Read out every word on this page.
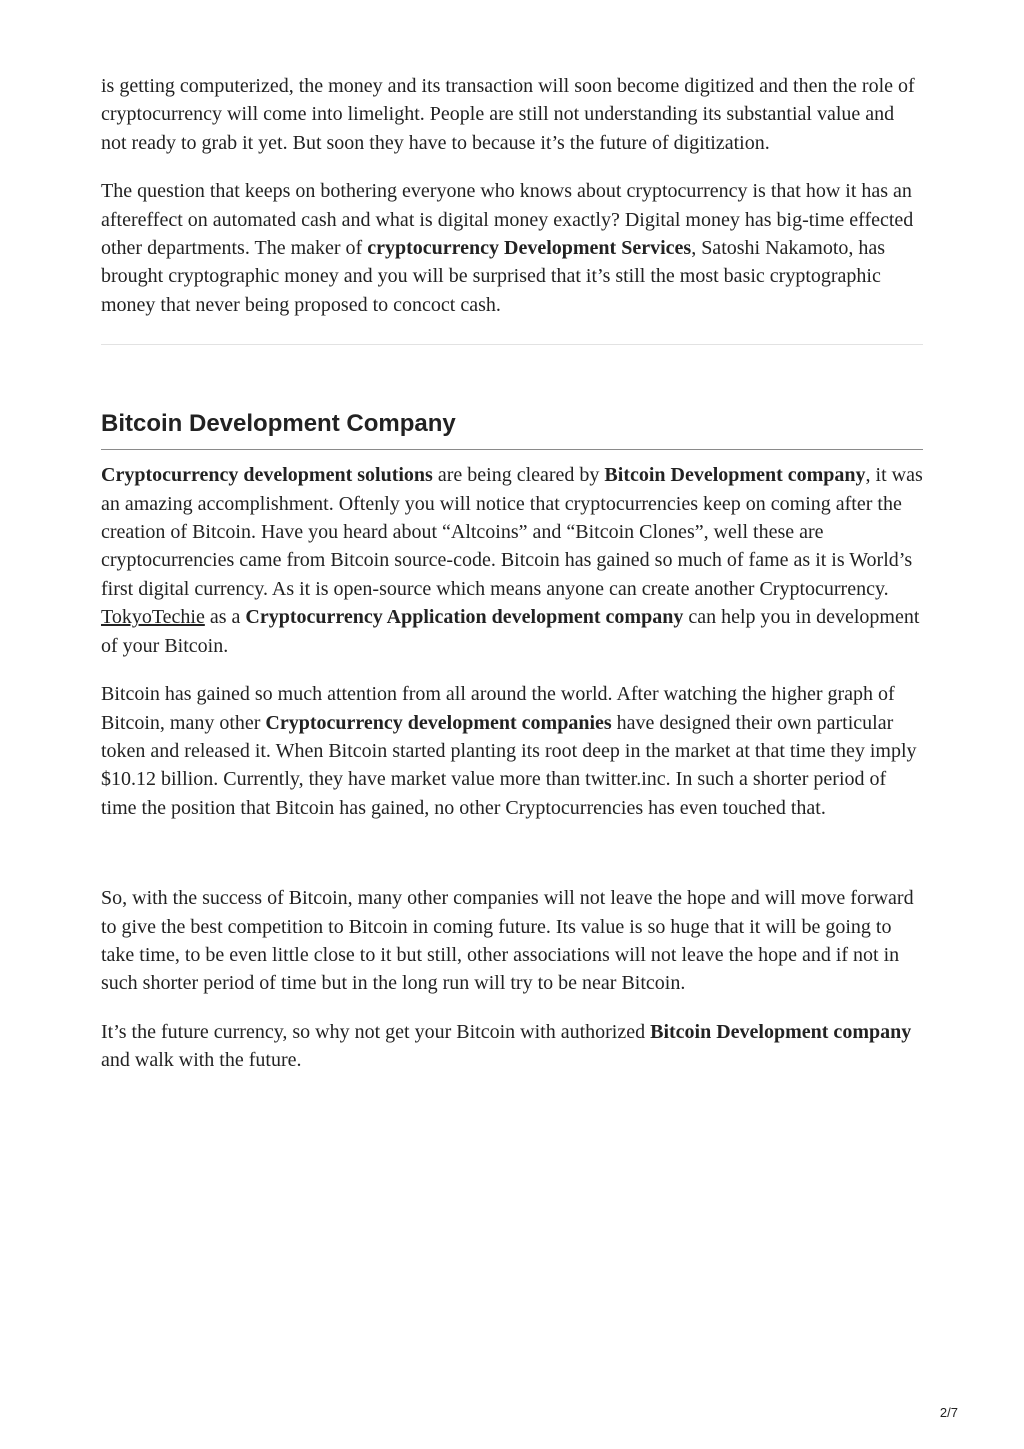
is getting computerized, the money and its transaction will soon become digitized and then the role of cryptocurrency will come into limelight. People are still not understanding its substantial value and not ready to grab it yet. But soon they have to because it’s the future of digitization.

The question that keeps on bothering everyone who knows about cryptocurrency is that how it has an aftereffect on automated cash and what is digital money exactly? Digital money has big-time effected other departments. The maker of cryptocurrency Development Services, Satoshi Nakamoto, has brought cryptographic money and you will be surprised that it’s still the most basic cryptographic money that never being proposed to concoct cash.

Bitcoin Development Company

Cryptocurrency development solutions are being cleared by Bitcoin Development company, it was an amazing accomplishment. Oftenly you will notice that cryptocurrencies keep on coming after the creation of Bitcoin. Have you heard about “Altcoins” and “Bitcoin Clones”, well these are cryptocurrencies came from Bitcoin source-code. Bitcoin has gained so much of fame as it is World’s first digital currency. As it is open-source which means anyone can create another Cryptocurrency. TokyoTechie as a Cryptocurrency Application development company can help you in development of your Bitcoin.

Bitcoin has gained so much attention from all around the world. After watching the higher graph of Bitcoin, many other Cryptocurrency development companies have designed their own particular token and released it. When Bitcoin started planting its root deep in the market at that time they imply $10.12 billion. Currently, they have market value more than twitter.inc. In such a shorter period of time the position that Bitcoin has gained, no other Cryptocurrencies has even touched that.

So, with the success of Bitcoin, many other companies will not leave the hope and will move forward to give the best competition to Bitcoin in coming future. Its value is so huge that it will be going to take time, to be even little close to it but still, other associations will not leave the hope and if not in such shorter period of time but in the long run will try to be near Bitcoin.

It’s the future currency, so why not get your Bitcoin with authorized Bitcoin Development company and walk with the future.

2/7
